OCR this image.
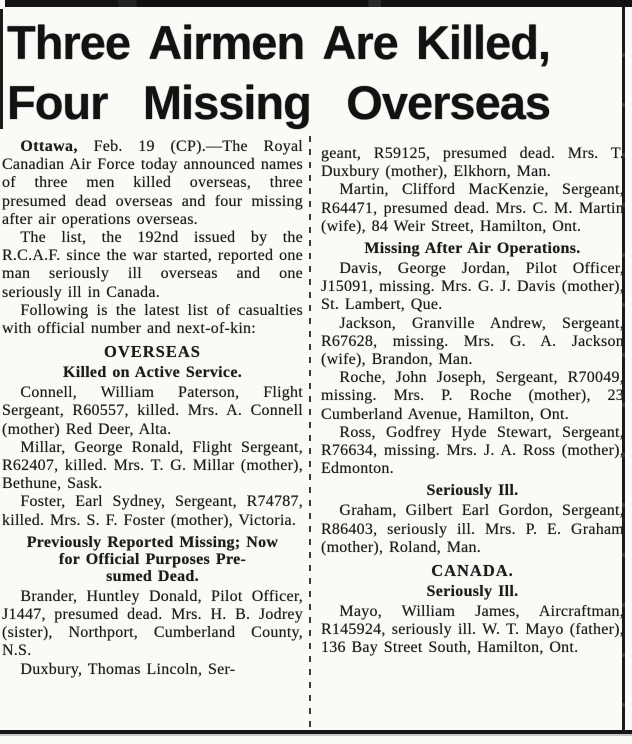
Three Airmen Are Killed,
Four Missing Overseas

Ottawa, Feb. 19 (CP).—The Royal Canadian Air Force today announced names of three men killed overseas, three presumed dead overseas and four missing after air operations overseas.

The list, the 192nd issued by the R.C.A.F. since the war started, reported one man seriously ill overseas and one seriously ill in Canada.

Following is the latest list of casualties with official number and next-of-kin:

OVERSEAS
Killed on Active Service.

Connell, William Paterson, Flight Sergeant, R60557, killed. Mrs. A. Connell (mother) Red Deer, Alta.

Millar, George Ronald, Flight Sergeant, R62407, killed. Mrs. T. G. Millar (mother), Bethune, Sask.

Foster, Earl Sydney, Sergeant, R74787, killed. Mrs. S. F. Foster (mother), Victoria.

Previously Reported Missing; Now
for Official Purposes Pre-
sumed Dead.

Brander, Huntley Donald, Pilot Officer, J1447, presumed dead. Mrs. H. B. Jodrey (sister), Northport, Cumberland County, N.S.

Duxbury, Thomas Lincoln, Ser-

geant, R59125, presumed dead. Mrs. T. Duxbury (mother), Elkhorn, Man.

Martin, Clifford MacKenzie, Sergeant, R64471, presumed dead. Mrs. C. M. Martin (wife), 84 Weir Street, Hamilton, Ont.

Missing After Air Operations.

Davis, George Jordan, Pilot Officer, J15091, missing. Mrs. G. J. Davis (mother), St. Lambert, Que.

Jackson, Granville Andrew, Sergeant, R67628, missing. Mrs. G. A. Jackson (wife), Brandon, Man.

Roche, John Joseph, Sergeant, R70049, missing. Mrs. P. Roche (mother), 23 Cumberland Avenue, Hamilton, Ont.

Ross, Godfrey Hyde Stewart, Sergeant, R76634, missing. Mrs. J. A. Ross (mother), Edmonton.

Seriously Ill.

Graham, Gilbert Earl Gordon, Sergeant, R86403, seriously ill. Mrs. P. E. Graham (mother), Roland, Man.

CANADA.
Seriously Ill.

Mayo, William James, Aircraftman, R145924, seriously ill. W. T. Mayo (father), 136 Bay Street South, Hamilton, Ont.
